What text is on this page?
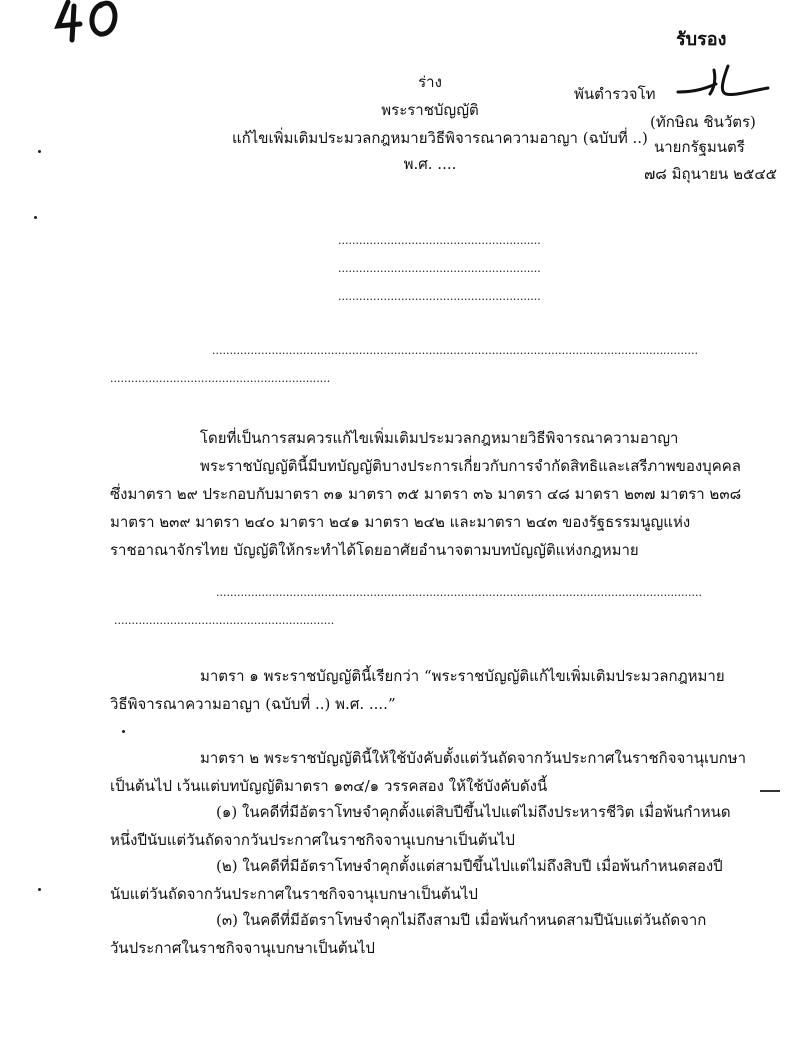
รับรอง
พันตำรวจโท
(ทักษิณ ชินวัตร)
นายกรัฐมนตรี
๗๘ มิถุนายน ๒๕๔๕
ร่าง
พระราชบัญญัติ
แก้ไขเพิ่มเติมประมวลกฎหมายวิธีพิจารณาความอาญา (ฉบับที่ ..)
พ.ศ. ....
..........................................................
..........................................................
..........................................................
...........................................................................................................................................
...............................................................
โดยที่เป็นการสมควรแก้ไขเพิ่มเติมประมวลกฎหมายวิธีพิจารณาความอาญา
พระราชบัญญัตินี้มีบทบัญญัติบางประการเกี่ยวกับการจำกัดสิทธิและเสรีภาพของบุคคล
ซึ่งมาตรา ๒๙ ประกอบกับมาตรา ๓๑ มาตรา ๓๕ มาตรา ๓๖ มาตรา ๔๘ มาตรา ๒๓๗ มาตรา ๒๓๘
มาตรา ๒๓๙ มาตรา ๒๔๐ มาตรา ๒๔๑ มาตรา ๒๔๒ และมาตรา ๒๔๓ ของรัฐธรรมนูญแห่ง
ราชอาณาจักรไทย บัญญัติให้กระทำได้โดยอาศัยอำนาจตามบทบัญญัติแห่งกฎหมาย
...........................................................................................................................................
...............................................................
มาตรา ๑ พระราชบัญญัตินี้เรียกว่า “พระราชบัญญัติแก้ไขเพิ่มเติมประมวลกฎหมาย
วิธีพิจารณาความอาญา (ฉบับที่ ..) พ.ศ. ....”
มาตรา ๒ พระราชบัญญัตินี้ให้ใช้บังคับตั้งแต่วันถัดจากวันประกาศในราชกิจจานุเบกษา
เป็นต้นไป เว้นแต่บทบัญญัติมาตรา ๑๓๔/๑ วรรคสอง ให้ใช้บังคับดังนี้
(๑) ในคดีที่มีอัตราโทษจำคุกตั้งแต่สิบปีขึ้นไปแต่ไม่ถึงประหารชีวิต เมื่อพ้นกำหนด
หนึ่งปีนับแต่วันถัดจากวันประกาศในราชกิจจานุเบกษาเป็นต้นไป
(๒) ในคดีที่มีอัตราโทษจำคุกตั้งแต่สามปีขึ้นไปแต่ไม่ถึงสิบปี เมื่อพ้นกำหนดสองปี
นับแต่วันถัดจากวันประกาศในราชกิจจานุเบกษาเป็นต้นไป
(๓) ในคดีที่มีอัตราโทษจำคุกไม่ถึงสามปี เมื่อพ้นกำหนดสามปีนับแต่วันถัดจาก
วันประกาศในราชกิจจานุเบกษาเป็นต้นไป
